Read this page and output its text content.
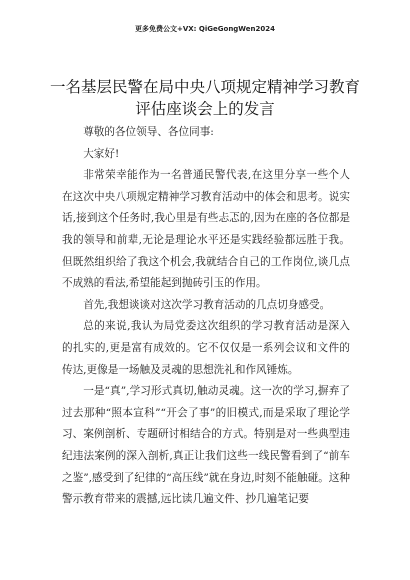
更多免费公文+VX: QiGeGongWen2024
一名基层民警在局中央八项规定精神学习教育
评估座谈会上的发言

尊敬的各位领导、各位同事:

大家好!

非常荣幸能作为一名普通民警代表,在这里分享一些个人在这次中央八项规定精神学习教育活动中的体会和思考。说实话,接到这个任务时,我心里是有些忐忑的,因为在座的各位都是我的领导和前辈,无论是理论水平还是实践经验都远胜于我。但既然组织给了我这个机会,我就结合自己的工作岗位,谈几点不成熟的看法,希望能起到抛砖引玉的作用。

首先,我想谈谈对这次学习教育活动的几点切身感受。

总的来说,我认为局党委这次组织的学习教育活动是深入的扎实的,更是富有成效的。它不仅仅是一系列会议和文件的传达,更像是一场触及灵魂的思想洗礼和作风锤炼。

一是“真”,学习形式真切,触动灵魂。这一次的学习,摒弃了过去那种“照本宣科”“开会了事”的旧模式,而是采取了理论学习、案例剖析、专题研讨相结合的方式。特别是对一些典型违纪违法案例的深入剖析,真正让我们这些一线民警看到了“前车之鉴”,感受到了纪律的“高压线”就在身边,时刻不能触碰。这种警示教育带来的震撼,远比读几遍文件、抄几遍笔记要
